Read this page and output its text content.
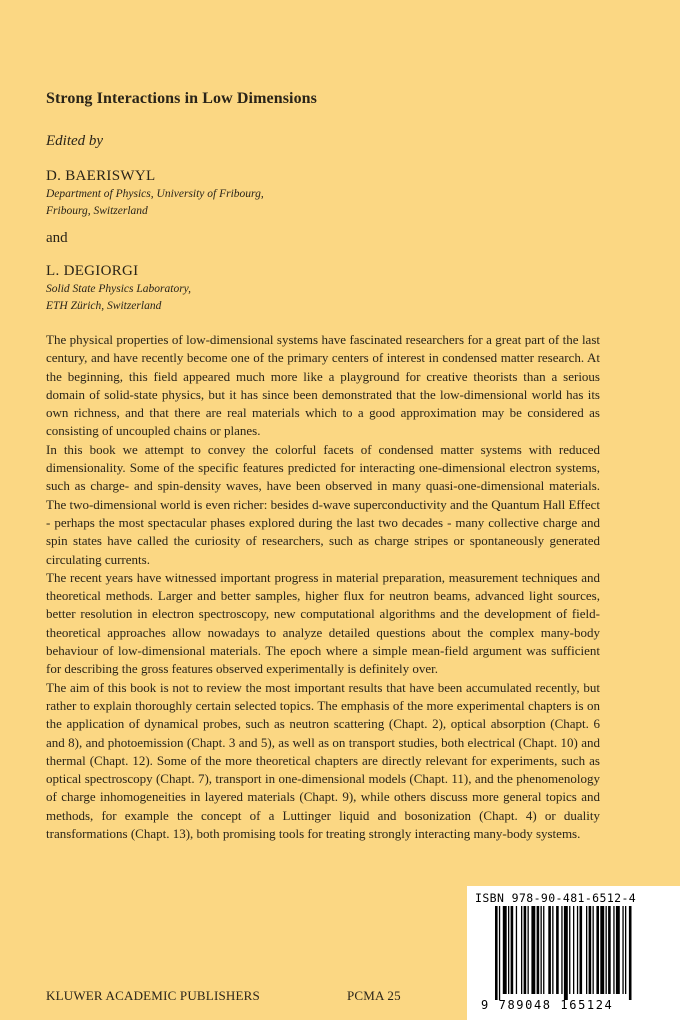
Strong Interactions in Low Dimensions
Edited by
D. BAERISWYL
Department of Physics, University of Fribourg,
Fribourg, Switzerland
and
L. DEGIORGI
Solid State Physics Laboratory,
ETH Zürich, Switzerland

The physical properties of low-dimensional systems have fascinated researchers for a great part of the last century, and have recently become one of the primary centers of interest in condensed matter research. At the beginning, this field appeared much more like a playground for creative theorists than a serious domain of solid-state physics, but it has since been demonstrated that the low-dimensional world has its own richness, and that there are real materials which to a good approximation may be considered as consisting of uncoupled chains or planes.

In this book we attempt to convey the colorful facets of condensed matter systems with reduced dimensionality. Some of the specific features predicted for interacting one-dimensional electron systems, such as charge- and spin-density waves, have been observed in many quasi-one-dimensional materials. The two-dimensional world is even richer: besides d-wave superconductivity and the Quantum Hall Effect - perhaps the most spectacular phases explored during the last two decades - many collective charge and spin states have called the curiosity of researchers, such as charge stripes or spontaneously generated circulating currents.

The recent years have witnessed important progress in material preparation, measurement techniques and theoretical methods. Larger and better samples, higher flux for neutron beams, advanced light sources, better resolution in electron spectroscopy, new computational algorithms and the development of field-theoretical approaches allow nowadays to analyze detailed questions about the complex many-body behaviour of low-dimensional materials. The epoch where a simple mean-field argument was sufficient for describing the gross features observed experimentally is definitely over.

The aim of this book is not to review the most important results that have been accumulated recently, but rather to explain thoroughly certain selected topics. The emphasis of the more experimental chapters is on the application of dynamical probes, such as neutron scattering (Chapt. 2), optical absorption (Chapt. 6 and 8), and photoemission (Chapt. 3 and 5), as well as on transport studies, both electrical (Chapt. 10) and thermal (Chapt. 12). Some of the more theoretical chapters are directly relevant for experiments, such as optical spectroscopy (Chapt. 7), transport in one-dimensional models (Chapt. 11), and the phenomenology of charge inhomogeneities in layered materials (Chapt. 9), while others discuss more general topics and methods, for example the concept of a Luttinger liquid and bosonization (Chapt. 4) or duality transformations (Chapt. 13), both promising tools for treating strongly interacting many-body systems.

KLUWER ACADEMIC PUBLISHERS	PCMA 25
ISBN 978-90-481-6512-4
9 789048 165124
